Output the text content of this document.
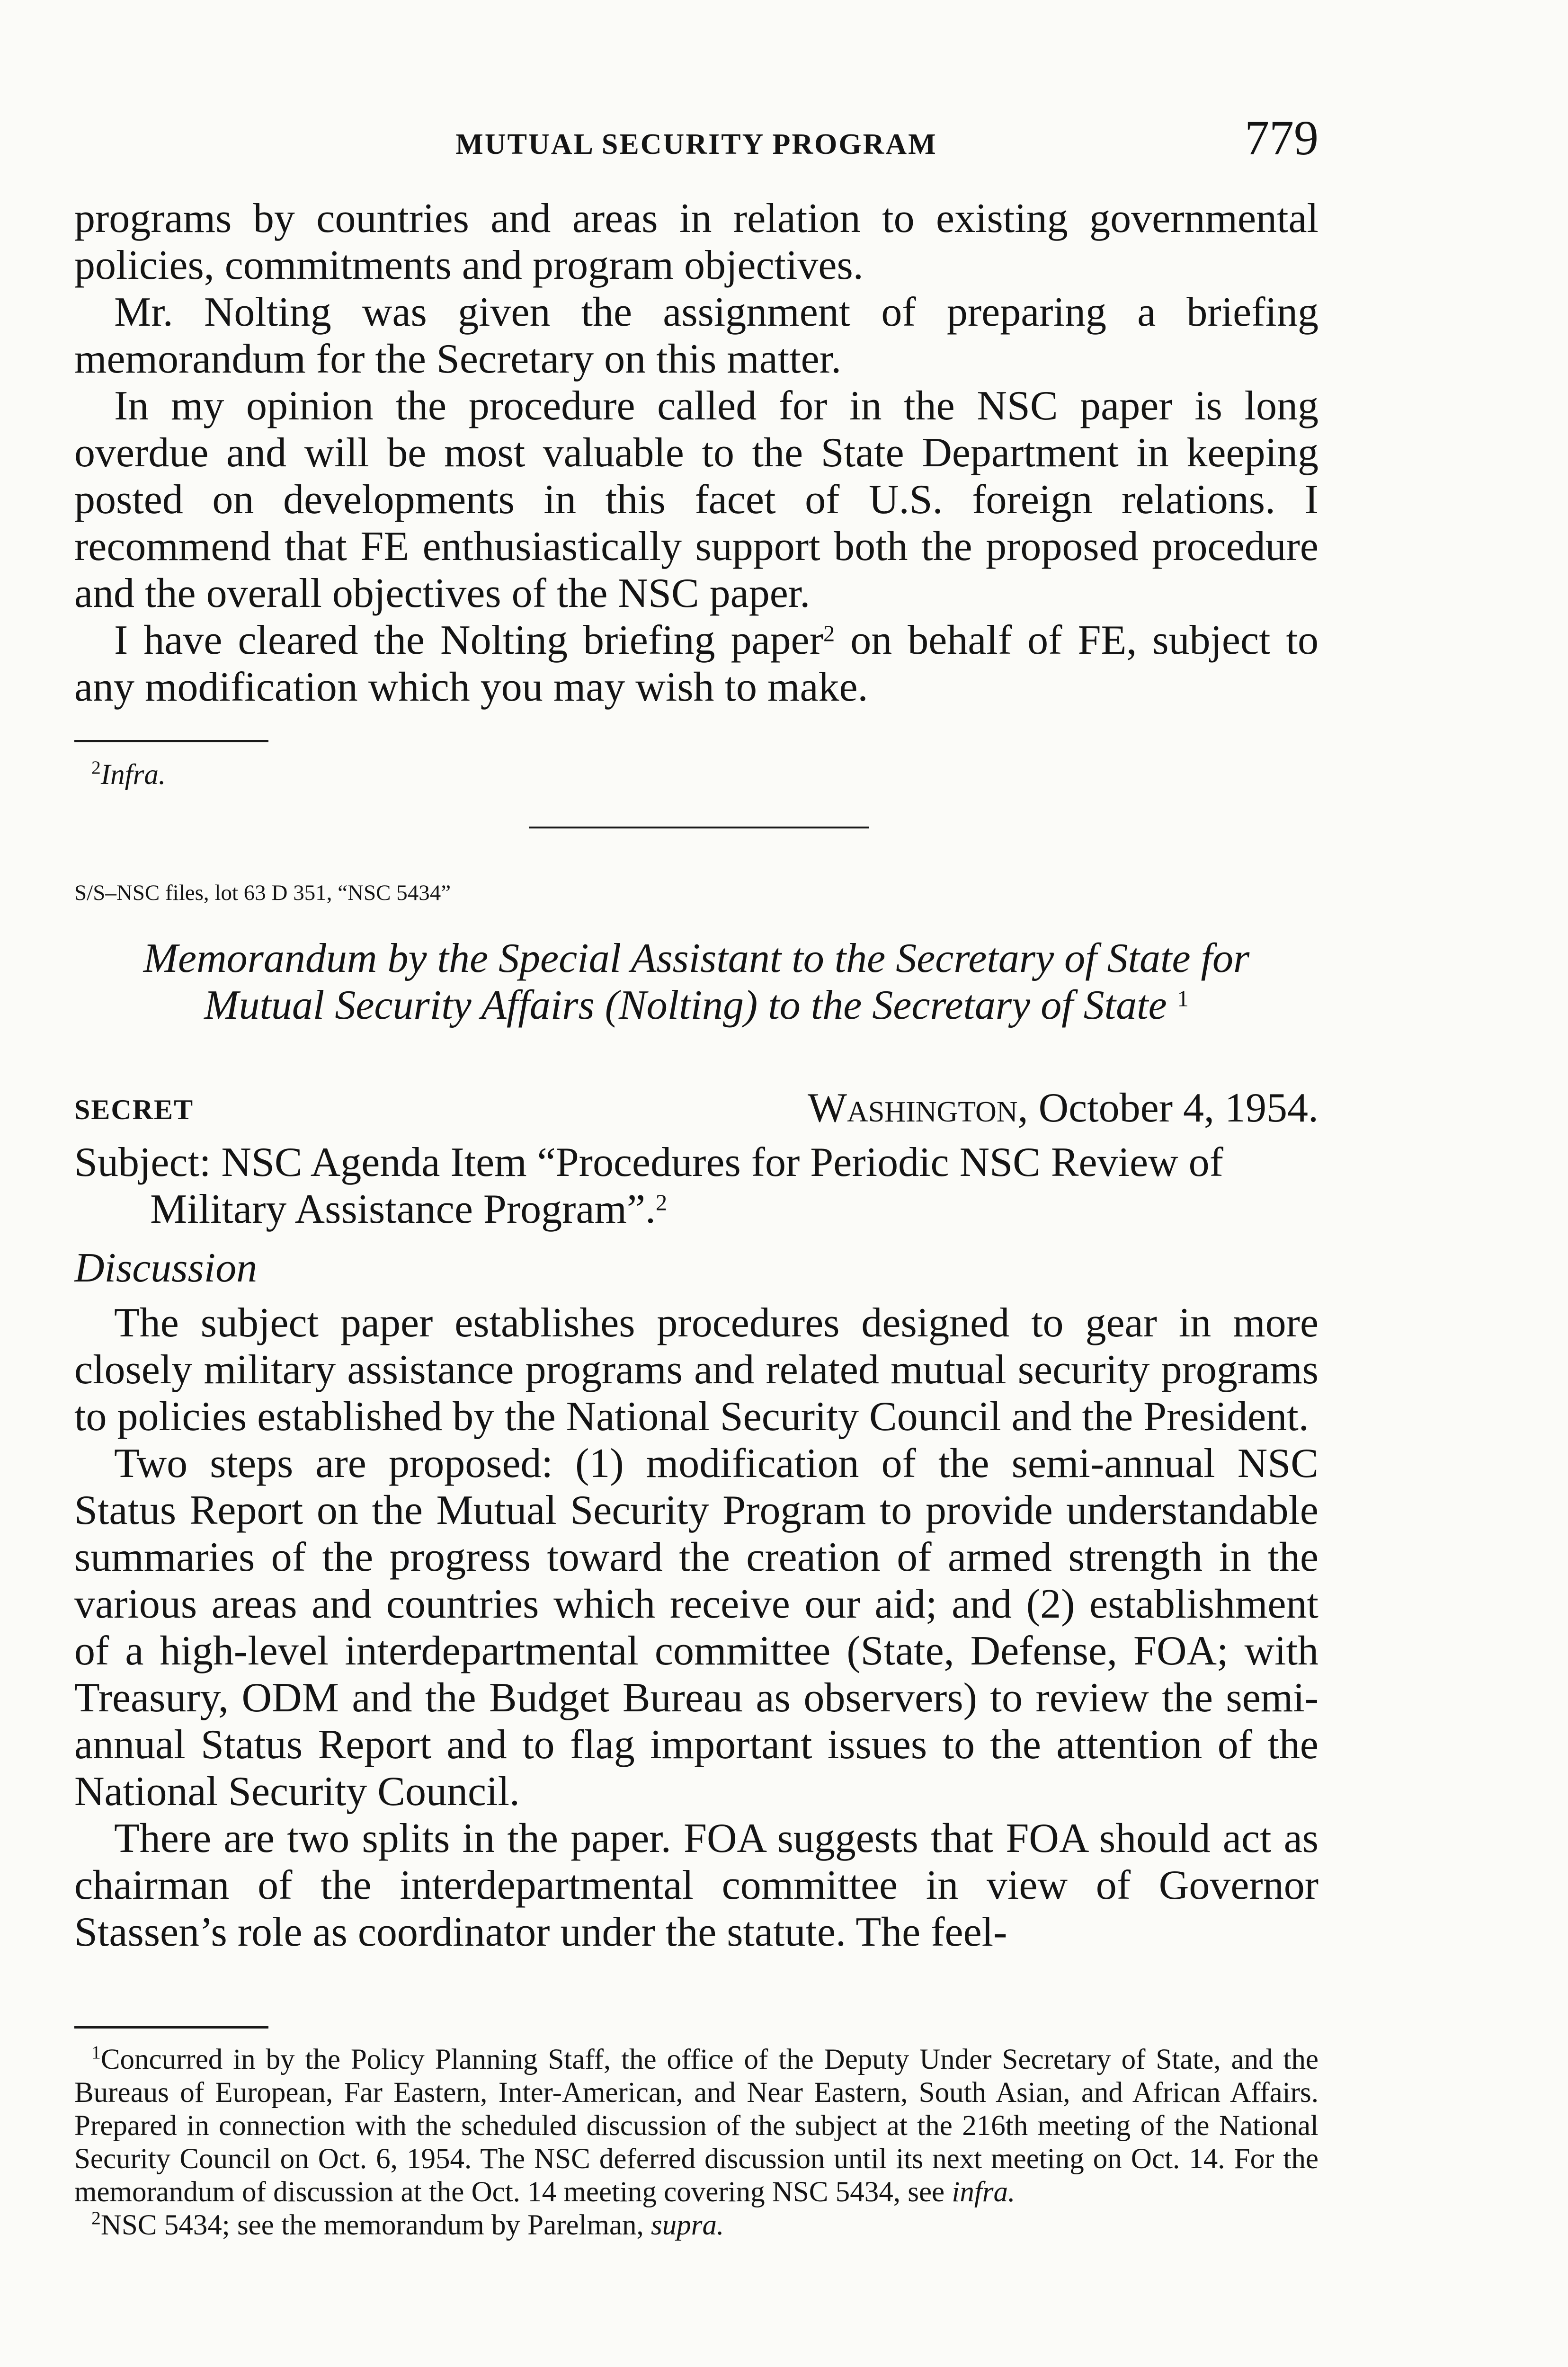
MUTUAL SECURITY PROGRAM	779

programs by countries and areas in relation to existing governmental policies, commitments and program objectives.

Mr. Nolting was given the assignment of preparing a briefing memorandum for the Secretary on this matter.

In my opinion the procedure called for in the NSC paper is long overdue and will be most valuable to the State Department in keeping posted on developments in this facet of U.S. foreign relations. I recommend that FE enthusiastically support both the proposed procedure and the overall objectives of the NSC paper.

I have cleared the Nolting briefing paper$^2$ on behalf of FE, subject to any modification which you may wish to make.

$^2$Infra.

S/S–NSC files, lot 63 D 351, “NSC 5434”
Memorandum by the Special Assistant to the Secretary of State for
Mutual Security Affairs (Nolting) to the Secretary of State $^1$
SECRET	Washington, October 4, 1954.
Subject: NSC Agenda Item “Procedures for Periodic NSC Review of Military Assistance Program”.$^2$
Discussion

The subject paper establishes procedures designed to gear in more closely military assistance programs and related mutual security programs to policies established by the National Security Council and the President.

Two steps are proposed: (1) modification of the semi-annual NSC Status Report on the Mutual Security Program to provide understandable summaries of the progress toward the creation of armed strength in the various areas and countries which receive our aid; and (2) establishment of a high-level interdepartmental committee (State, Defense, FOA; with Treasury, ODM and the Budget Bureau as observers) to review the semi-annual Status Report and to flag important issues to the attention of the National Security Council.

There are two splits in the paper. FOA suggests that FOA should act as chairman of the interdepartmental committee in view of Governor Stassen’s role as coordinator under the statute. The feel-

$^1$Concurred in by the Policy Planning Staff, the office of the Deputy Under Secretary of State, and the Bureaus of European, Far Eastern, Inter-American, and Near Eastern, South Asian, and African Affairs. Prepared in connection with the scheduled discussion of the subject at the 216th meeting of the National Security Council on Oct. 6, 1954. The NSC deferred discussion until its next meeting on Oct. 14. For the memorandum of discussion at the Oct. 14 meeting covering NSC 5434, see infra.

$^2$NSC 5434; see the memorandum by Parelman, supra.
